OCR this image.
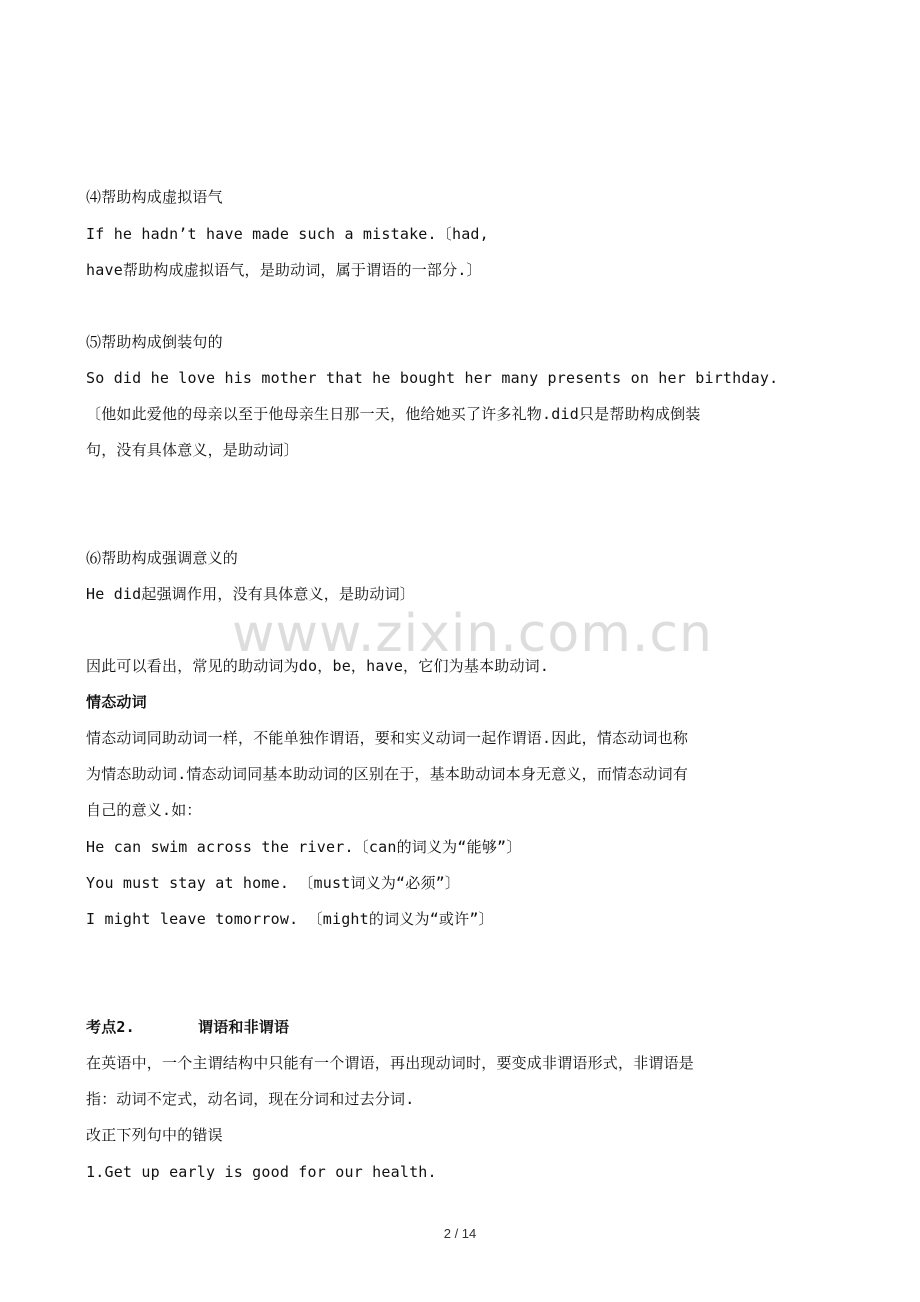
⑷帮助构成虚拟语气
If he hadn’t have made such a mistake.〔had,
have帮助构成虚拟语气，是助动词，属于谓语的一部分.〕
⑸帮助构成倒装句的
So did he love his mother that he bought her many presents on her birthday.
〔他如此爱他的母亲以至于他母亲生日那一天，他给她买了许多礼物.did只是帮助构成倒装
句，没有具体意义，是助动词〕
⑹帮助构成强调意义的
He did起强调作用，没有具体意义，是助动词〕
www.zixin.com.cn
因此可以看出，常见的助动词为do，be，have，它们为基本助动词.
情态动词
情态动词同助动词一样，不能单独作谓语，要和实义动词一起作谓语.因此，情态动词也称
为情态助动词.情态动词同基本助动词的区别在于，基本助动词本身无意义，而情态动词有
自己的意义.如：
He can swim across the river.〔can的词义为“能够”〕
You must stay at home. 〔must词义为“必须”〕
I might leave tomorrow. 〔might的词义为“或许”〕
考点2.	谓语和非谓语
在英语中，一个主谓结构中只能有一个谓语，再出现动词时，要变成非谓语形式，非谓语是
指：动词不定式，动名词，现在分词和过去分词.
改正下列句中的错误
1.Get up early is good for our health.
2 / 14
